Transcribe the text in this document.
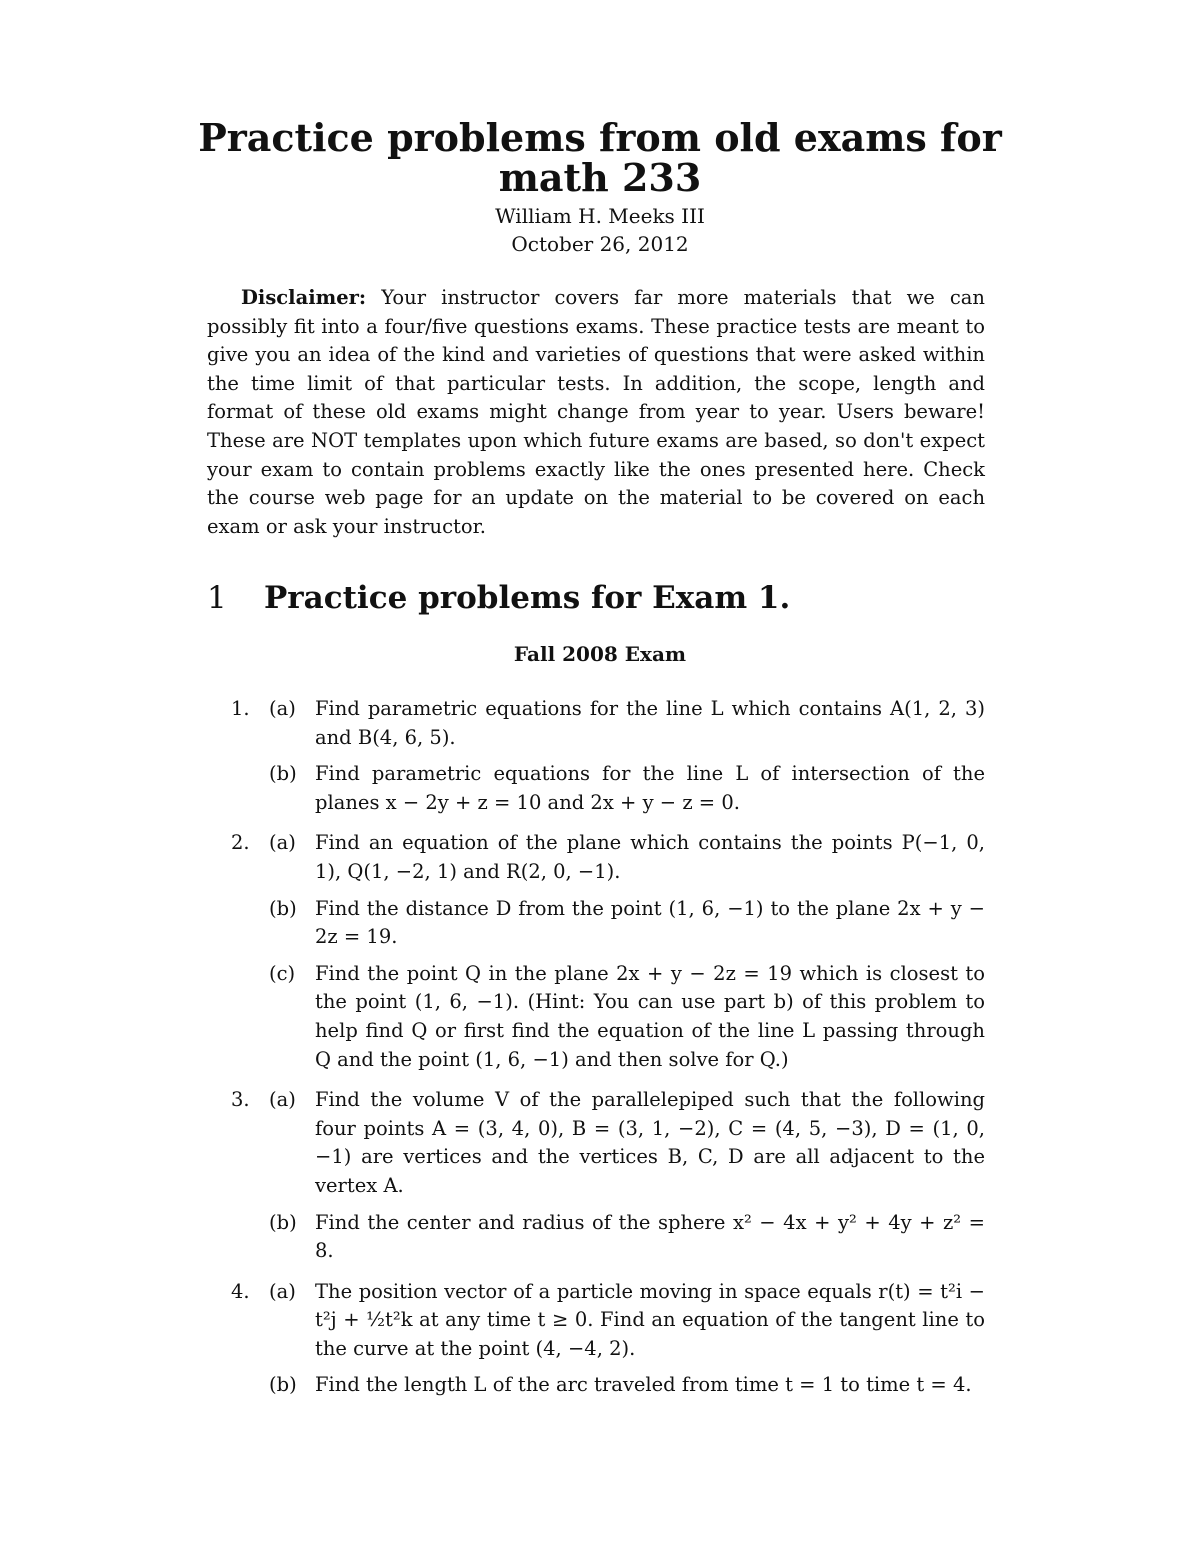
Practice problems from old exams for math 233
William H. Meeks III
October 26, 2012
Disclaimer: Your instructor covers far more materials that we can possibly fit into a four/five questions exams. These practice tests are meant to give you an idea of the kind and varieties of questions that were asked within the time limit of that particular tests. In addition, the scope, length and format of these old exams might change from year to year. Users beware! These are NOT templates upon which future exams are based, so don't expect your exam to contain problems exactly like the ones presented here. Check the course web page for an update on the material to be covered on each exam or ask your instructor.
1	Practice problems for Exam 1.
Fall 2008 Exam
1. (a) Find parametric equations for the line L which contains A(1, 2, 3) and B(4, 6, 5).
(b) Find parametric equations for the line L of intersection of the planes x − 2y + z = 10 and 2x + y − z = 0.
2. (a) Find an equation of the plane which contains the points P(−1, 0, 1), Q(1, −2, 1) and R(2, 0, −1).
(b) Find the distance D from the point (1, 6, −1) to the plane 2x + y − 2z = 19.
(c)	Find the point Q in the plane 2x + y − 2z = 19 which is closest to the point (1, 6, −1). (Hint: You can use part b) of this problem to help find Q or first find the equation of the line L passing through Q and the point (1, 6, −1) and then solve for Q.)
3. (a) Find the volume V of the parallelepiped such that the following four points A = (3, 4, 0), B = (3, 1, −2), C = (4, 5, −3), D = (1, 0, −1) are vertices and the vertices B, C, D are all adjacent to the vertex A.
(b) Find the center and radius of the sphere x² − 4x + y² + 4y + z² = 8.
4. (a) The position vector of a particle moving in space equals r(t) = t²i − t²j + ½t²k at any time t ≥ 0. Find an equation of the tangent line to the curve at the point (4, −4, 2).
(b) Find the length L of the arc traveled from time t = 1 to time t = 4.
